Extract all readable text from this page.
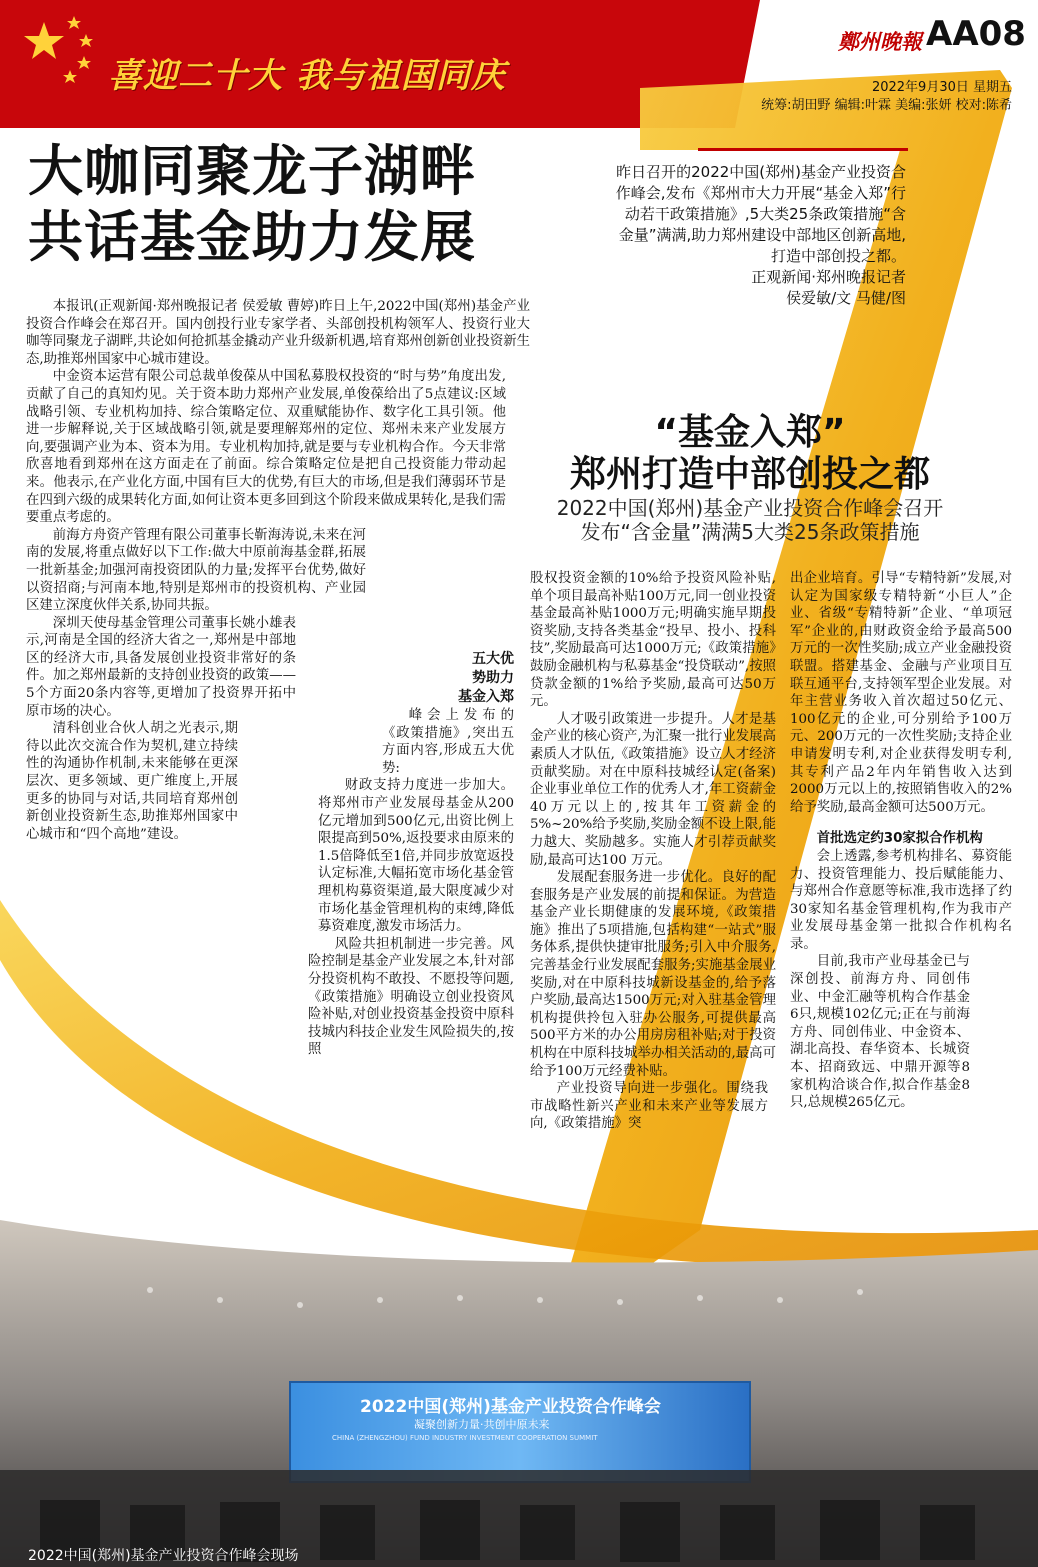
2022中国(郑州)基金产业投资合作峰会
凝聚创新力量·共创中原未来
CHINA (ZHENGZHOU) FUND INDUSTRY INVESTMENT COOPERATION SUMMIT
喜迎二十大 我与祖国同庆
鄭州晚報 AA08
2022年9月30日 星期五
统筹:胡田野 编辑:叶霖 美编:张妍 校对:陈希
大咖同聚龙子湖畔
共话基金助力发展
昨日召开的2022中国(郑州)基金产业投资合作峰会,发布《郑州市大力开展“基金入郑”行动若干政策措施》,5大类25条政策措施“含金量”满满,助力郑州建设中部地区创新高地,打造中部创投之都。
正观新闻·郑州晚报记者
侯爱敏/文 马健/图

本报讯(正观新闻·郑州晚报记者 侯爱敏 曹婷)昨日上午,2022中国(郑州)基金产业投资合作峰会在郑召开。国内创投行业专家学者、头部创投机构领军人、投资行业大咖等同聚龙子湖畔,共论如何抢抓基金撬动产业升级新机遇,培育郑州创新创业投资新生态,助推郑州国家中心城市建设。

中金资本运营有限公司总裁单俊葆从中国私募股权投资的“时与势”角度出发,贡献了自己的真知灼见。关于资本助力郑州产业发展,单俊葆给出了5点建议:区域战略引领、专业机构加持、综合策略定位、双重赋能协作、数字化工具引领。他进一步解释说,关于区域战略引领,就是要理解郑州的定位、郑州未来产业发展方向,要强调产业为本、资本为用。专业机构加持,就是要与专业机构合作。今天非常欣喜地看到郑州在这方面走在了前面。综合策略定位是把自己投资能力带动起来。他表示,在产业化方面,中国有巨大的优势,有巨大的市场,但是我们薄弱环节是在四到六级的成果转化方面,如何让资本更多回到这个阶段来做成果转化,是我们需要重点考虑的。

前海方舟资产管理有限公司董事长靳海涛说,未来在河南的发展,将重点做好以下工作:做大中原前海基金群,拓展一批新基金;加强河南投资团队的力量;发挥平台优势,做好以资招商;与河南本地,特别是郑州市的投资机构、产业园区建立深度伙伴关系,协同共振。

深圳天使母基金管理公司董事长姚小雄表示,河南是全国的经济大省之一,郑州是中部地区的经济大市,具备发展创业投资非常好的条件。加之郑州最新的支持创业投资的政策——5个方面20条内容等,更增加了投资界开拓中原市场的决心。

清科创业合伙人胡之光表示,期待以此次交流合作为契机,建立持续性的沟通协作机制,未来能够在更深层次、更多领域、更广维度上,开展更多的协同与对话,共同培育郑州创新创业投资新生态,助推郑州国家中心城市和“四个高地”建设。

“基金入郑”
郑州打造中部创投之都
2022中国(郑州)基金产业投资合作峰会召开
发布“含金量”满满5大类25条政策措施
五大优
势助力
基金入郑

峰会上发布的《政策措施》,突出五方面内容,形成五大优势:

财政支持力度进一步加大。将郑州市产业发展母基金从200亿元增加到500亿元,出资比例上限提高到50%,返投要求由原来的1.5倍降低至1倍,并同步放宽返投认定标准,大幅拓宽市场化基金管理机构募资渠道,最大限度减少对市场化基金管理机构的束缚,降低募资难度,激发市场活力。

风险共担机制进一步完善。风险控制是基金产业发展之本,针对部分投资机构不敢投、不愿投等问题,《政策措施》明确设立创业投资风险补贴,对创业投资基金投资中原科技城内科技企业发生风险损失的,按照

股权投资金额的10%给予投资风险补贴,单个项目最高补贴100万元,同一创业投资基金最高补贴1000万元;明确实施早期投资奖励,支持各类基金“投早、投小、投科技”,奖励最高可达1000万元;《政策措施》鼓励金融机构与私募基金“投贷联动”,按照贷款金额的1%给予奖励,最高可达50万元。

人才吸引政策进一步提升。人才是基金产业的核心资产,为汇聚一批行业发展高素质人才队伍,《政策措施》设立人才经济贡献奖励。对在中原科技城经认定(备案)企业事业单位工作的优秀人才,年工资薪金40万元以上的,按其年工资薪金的5%~20%给予奖励,奖励金额不设上限,能力越大、奖励越多。实施人才引荐贡献奖励,最高可达100 万元。

发展配套服务进一步优化。良好的配套服务是产业发展的前提和保证。为营造基金产业长期健康的发展环境,《政策措施》推出了5项措施,包括构建“一站式”服务体系,提供快捷审批服务;引入中介服务,完善基金行业发展配套服务;实施基金展业奖励,对在中原科技城新设基金的,给予落户奖励,最高达1500万元;对入驻基金管理机构提供拎包入驻办公服务,可提供最高500平方米的办公用房房租补贴;对于投资机构在中原科技城举办相关活动的,最高可给予100万元经费补贴。

产业投资导向进一步强化。围绕我市战略性新兴产业和未来产业等发展方向,《政策措施》突

出企业培育。引导“专精特新”发展,对认定为国家级专精特新“小巨人”企业、省级“专精特新”企业、“单项冠军”企业的,由财政资金给予最高500万元的一次性奖励;成立产业金融投资联盟。搭建基金、金融与产业项目互联互通平台,支持领军型企业发展。对年主营业务收入首次超过50亿元、100亿元的企业,可分别给予100万元、200万元的一次性奖励;支持企业申请发明专利,对企业获得发明专利,其专利产品2年内年销售收入达到2000万元以上的,按照销售收入的2%给予奖励,最高金额可达500万元。

首批选定约30家拟合作机构

会上透露,参考机构排名、募资能力、投资管理能力、投后赋能能力、与郑州合作意愿等标准,我市选择了约30家知名基金管理机构,作为我市产业发展母基金第一批拟合作机构名录。

目前,我市产业母基金已与深创投、前海方舟、同创伟业、中金汇融等机构合作基金6只,规模102亿元;正在与前海方舟、同创伟业、中金资本、湖北高投、春华资本、长城资本、招商致远、中鼎开源等8家机构洽谈合作,拟合作基金8只,总规模265亿元。

2022中国(郑州)基金产业投资合作峰会现场
